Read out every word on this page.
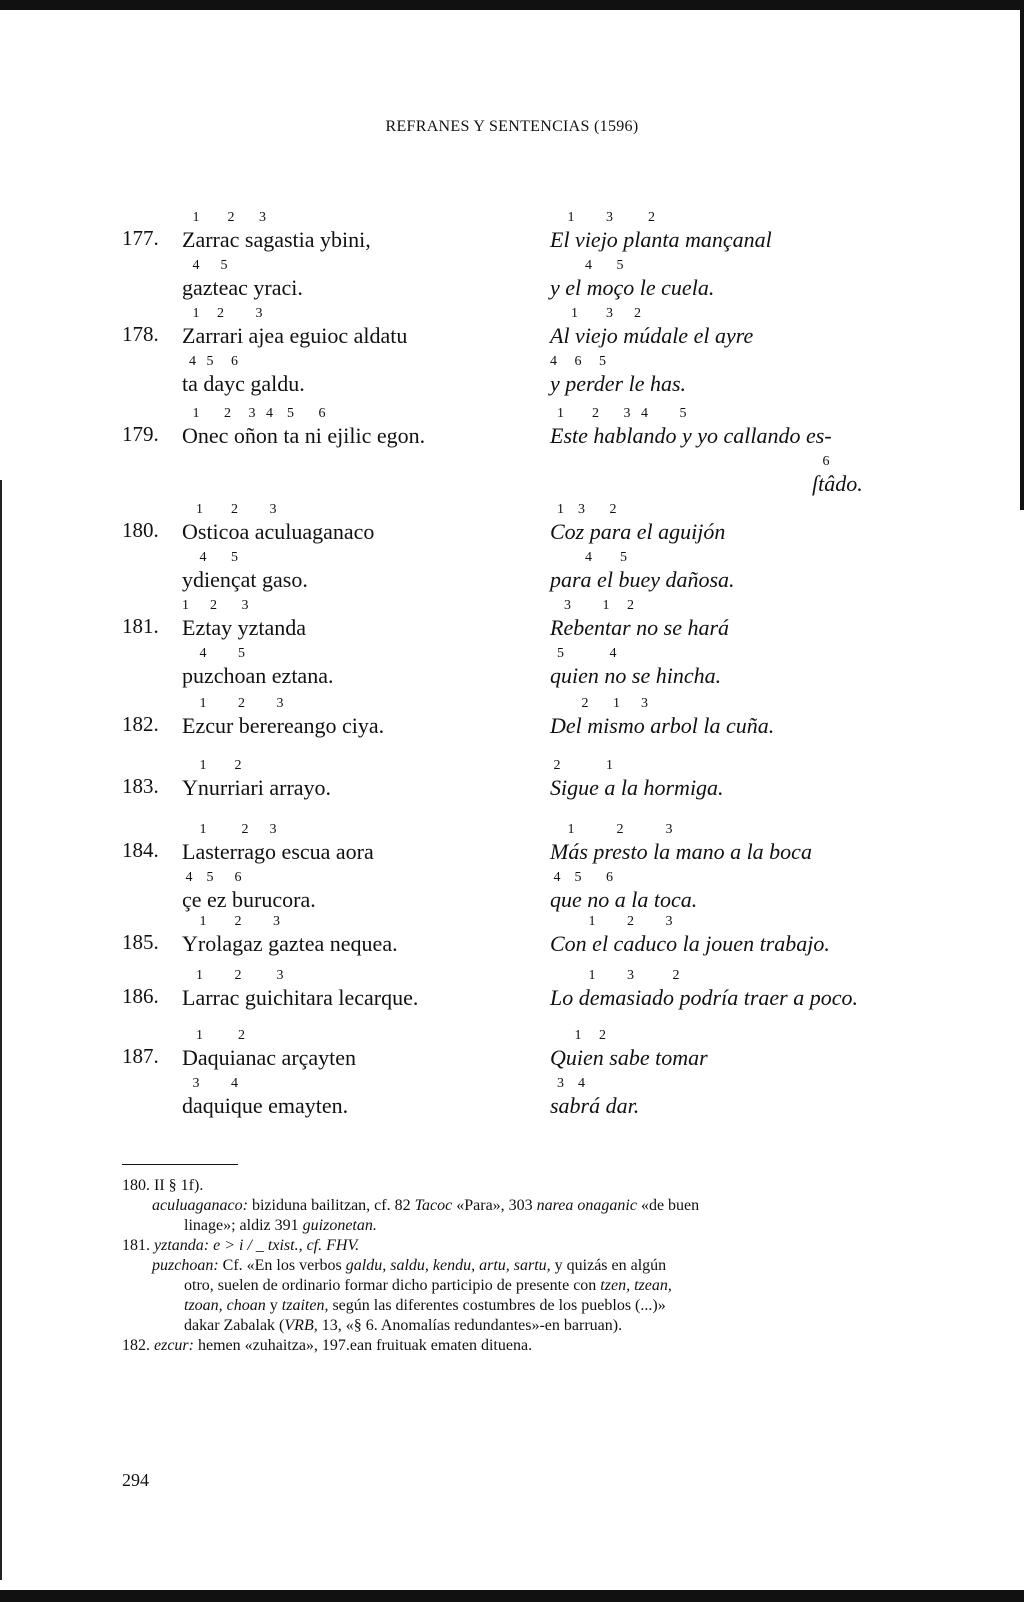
REFRANES Y SENTENCIAS (1596)
177.
1        2       3
Zarrac sagastia ybini,
4      5
gazteac yraci.
1         3          2
El viejo planta mançanal
4       5
y el moço le cuela.
178.
1     2         3
Zarrari ajea eguioc aldatu
4   5     6
ta dayc galdu.
1        3      2
Al viejo múdale el ayre
4     6     5
y perder le has.
179.
1       2     3   4    5       6
Onec oñon ta ni ejilic egon.
1        2       3   4         5
Este hablando y yo callando es-
6
ſtâdo.
180.
1        2         3
Osticoa aculuaganaco
4       5
ydiençat gaso.
1    3       2
Coz para el aguijón
4        5
para el buey dañosa.
181.
1      2       3
Eztay yztanda
4         5
puzchoan eztana.
3         1     2
Rebentar no se hará
5             4
quien no se hincha.
182.
1         2         3
Ezcur berereango ciya.
2       1      3
Del mismo arbol la cuña.
183.
1        2
Ynurriari arrayo.
2             1
Sigue a la hormiga.
184.
1          2      3
Lasterrago escua aora
4    5      6
çe ez burucora.
1            2            3
Más presto la mano a la boca
4    5       6
que no a la toca.
185.
1        2         3
Yrolagaz gaztea nequea.
1         2         3
Con el caduco la jouen trabajo.
186.
1         2          3
Larrac guichitara lecarque.
1         3           2
Lo demasiado podría traer a poco.
187.
1          2
Daquianac arçayten
3         4
daquique emayten.
1     2
Quien sabe tomar
3    4
sabrá dar.

180. II § 1f).

aculuaganaco: biziduna bailitzan, cf. 82 Tacoc «Para», 303 narea onaganic «de buen

linage»; aldiz 391 guizonetan.

181. yztanda: e > i / _ txist., cf. FHV.

puzchoan: Cf. «En los verbos galdu, saldu, kendu, artu, sartu, y quizás en algún

otro, suelen de ordinario formar dicho participio de presente con tzen, tzean,

tzoan, choan y tzaiten, según las diferentes costumbres de los pueblos (...)»

dakar Zabalak (VRB, 13, «§ 6. Anomalías redundantes»-en barruan).

182. ezcur: hemen «zuhaitza», 197.ean fruituak ematen dituena.

294
